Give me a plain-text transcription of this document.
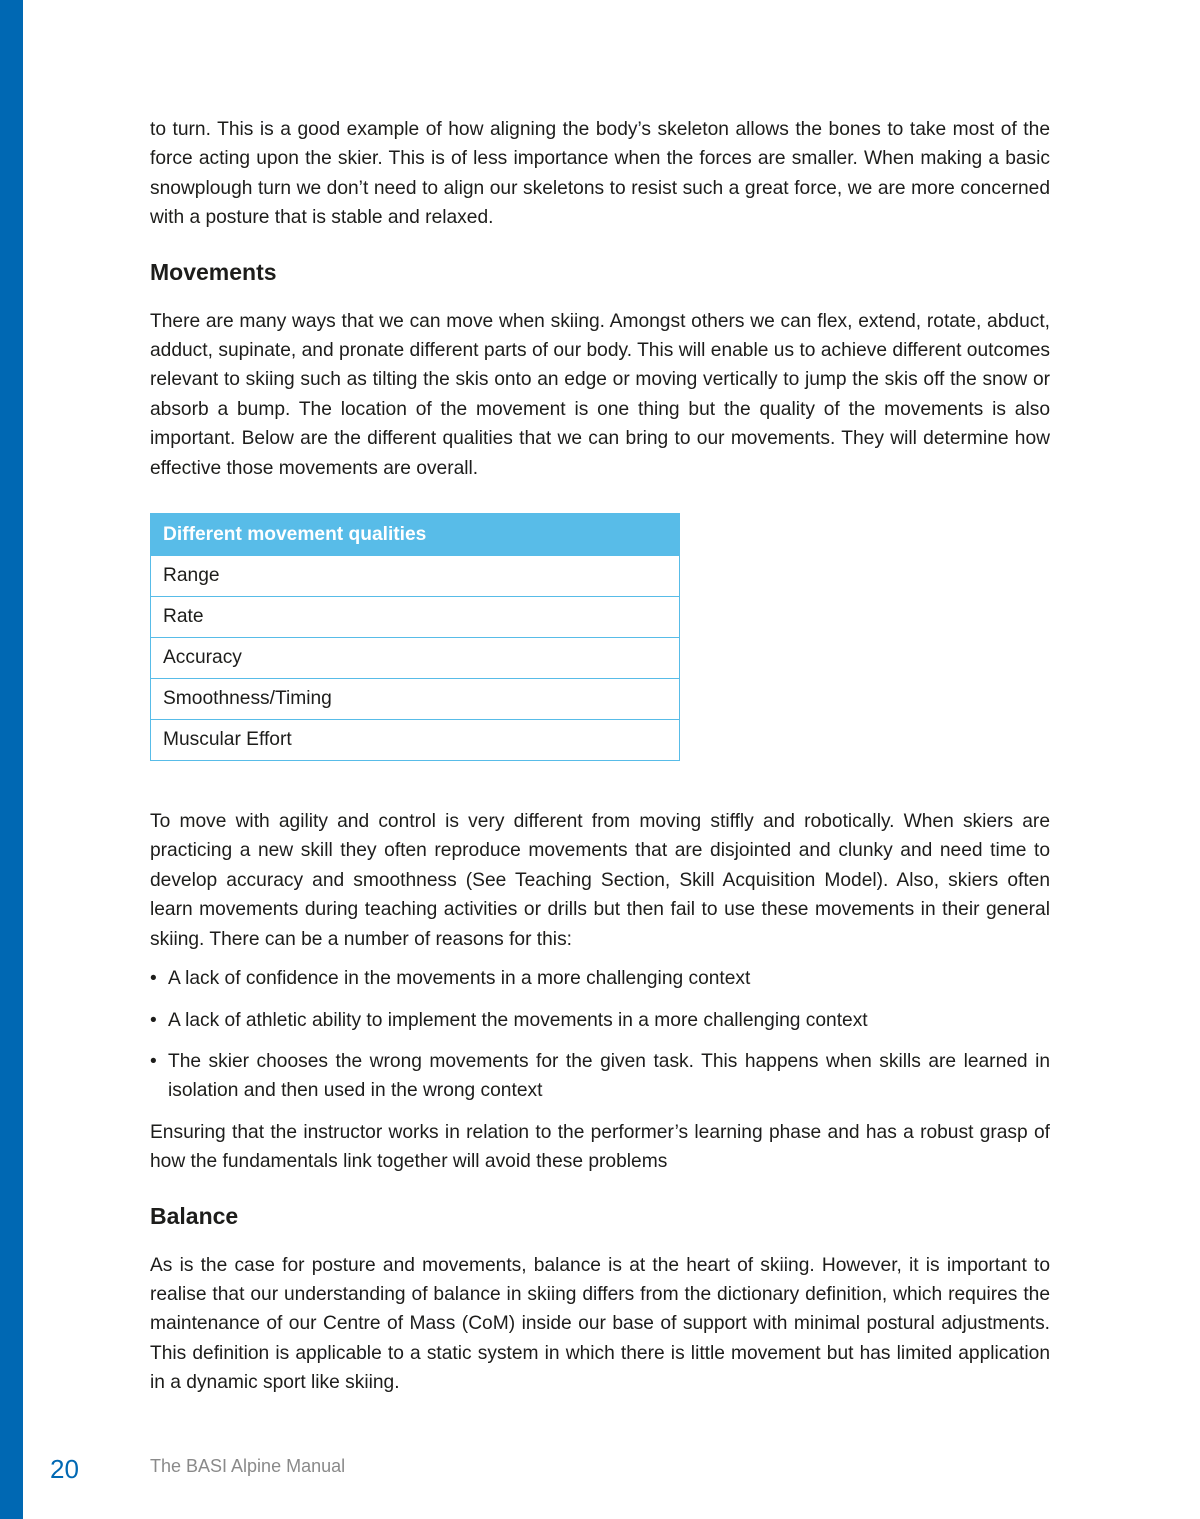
to turn. This is a good example of how aligning the body’s skeleton allows the bones to take most of the force acting upon the skier. This is of less importance when the forces are smaller. When making a basic snowplough turn we don’t need to align our skeletons to resist such a great force, we are more concerned with a posture that is stable and relaxed.

Movements

There are many ways that we can move when skiing. Amongst others we can flex, extend, rotate, abduct, adduct, supinate, and pronate different parts of our body. This will enable us to achieve different outcomes relevant to skiing such as tilting the skis onto an edge or moving vertically to jump the skis off the snow or absorb a bump. The location of the movement is one thing but the quality of the movements is also important. Below are the different qualities that we can bring to our movements. They will determine how effective those movements are overall.

Different movement qualities
Range
Rate
Accuracy
Smoothness/Timing
Muscular Effort

To move with agility and control is very different from moving stiffly and robotically. When skiers are practicing a new skill they often reproduce movements that are disjointed and clunky and need time to develop accuracy and smoothness (See Teaching Section, Skill Acquisition Model). Also, skiers often learn movements during teaching activities or drills but then fail to use these movements in their general skiing. There can be a number of reasons for this:

• A lack of confidence in the movements in a more challenging context
• A lack of athletic ability to implement the movements in a more challenging context
• The skier chooses the wrong movements for the given task. This happens when skills are learned in isolation and then used in the wrong context

Ensuring that the instructor works in relation to the performer’s learning phase and has a robust grasp of how the fundamentals link together will avoid these problems

Balance

As is the case for posture and movements, balance is at the heart of skiing. However, it is important to realise that our understanding of balance in skiing differs from the dictionary definition, which requires the maintenance of our Centre of Mass (CoM) inside our base of support with minimal postural adjustments. This definition is applicable to a static system in which there is little movement but has limited application in a dynamic sport like skiing.

20	The BASI Alpine Manual
